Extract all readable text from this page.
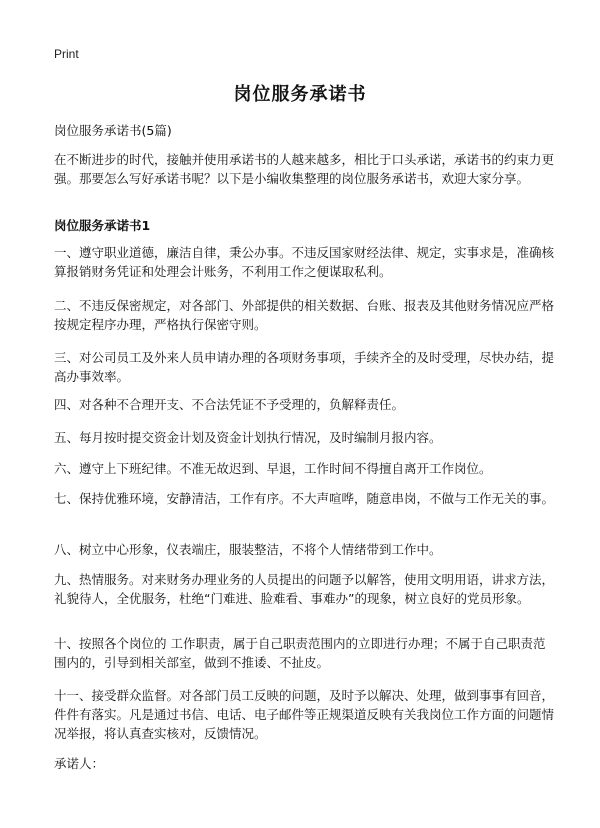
Print
岗位服务承诺书
岗位服务承诺书(5篇)
在不断进步的时代，接触并使用承诺书的人越来越多，相比于口头承诺，承诺书的约束力更强。那要怎么写好承诺书呢？以下是小编收集整理的岗位服务承诺书，欢迎大家分享。
岗位服务承诺书1
一、遵守职业道德，廉洁自律，秉公办事。不违反国家财经法律、规定，实事求是，准确核算报销财务凭证和处理会计账务，不利用工作之便谋取私利。
二、不违反保密规定，对各部门、外部提供的相关数据、台账、报表及其他财务情况应严格按规定程序办理，严格执行保密守则。
三、对公司员工及外来人员申请办理的各项财务事项，手续齐全的及时受理，尽快办结，提高办事效率。
四、对各种不合理开支、不合法凭证不予受理的，负解释责任。
五、每月按时提交资金计划及资金计划执行情况，及时编制月报内容。
六、遵守上下班纪律。不准无故迟到、早退，工作时间不得擅自离开工作岗位。
七、保持优雅环境，安静清洁，工作有序。不大声喧哗，随意串岗，不做与工作无关的事。
八、树立中心形象，仪表端庄，服装整洁，不将个人情绪带到工作中。
九、热情服务。对来财务办理业务的人员提出的问题予以解答，使用文明用语，讲求方法，礼貌待人，全优服务，杜绝“门难进、脸难看、事难办”的现象，树立良好的党员形象。
十、按照各个岗位的 工作职责，属于自己职责范围内的立即进行办理；不属于自己职责范围内的，引导到相关部室，做到不推诿、不扯皮。
十一、接受群众监督。对各部门员工反映的问题，及时予以解决、处理，做到事事有回音，件件有落实。凡是通过书信、电话、电子邮件等正规渠道反映有关我岗位工作方面的问题情况举报，将认真查实核对，反馈情况。
承诺人：
